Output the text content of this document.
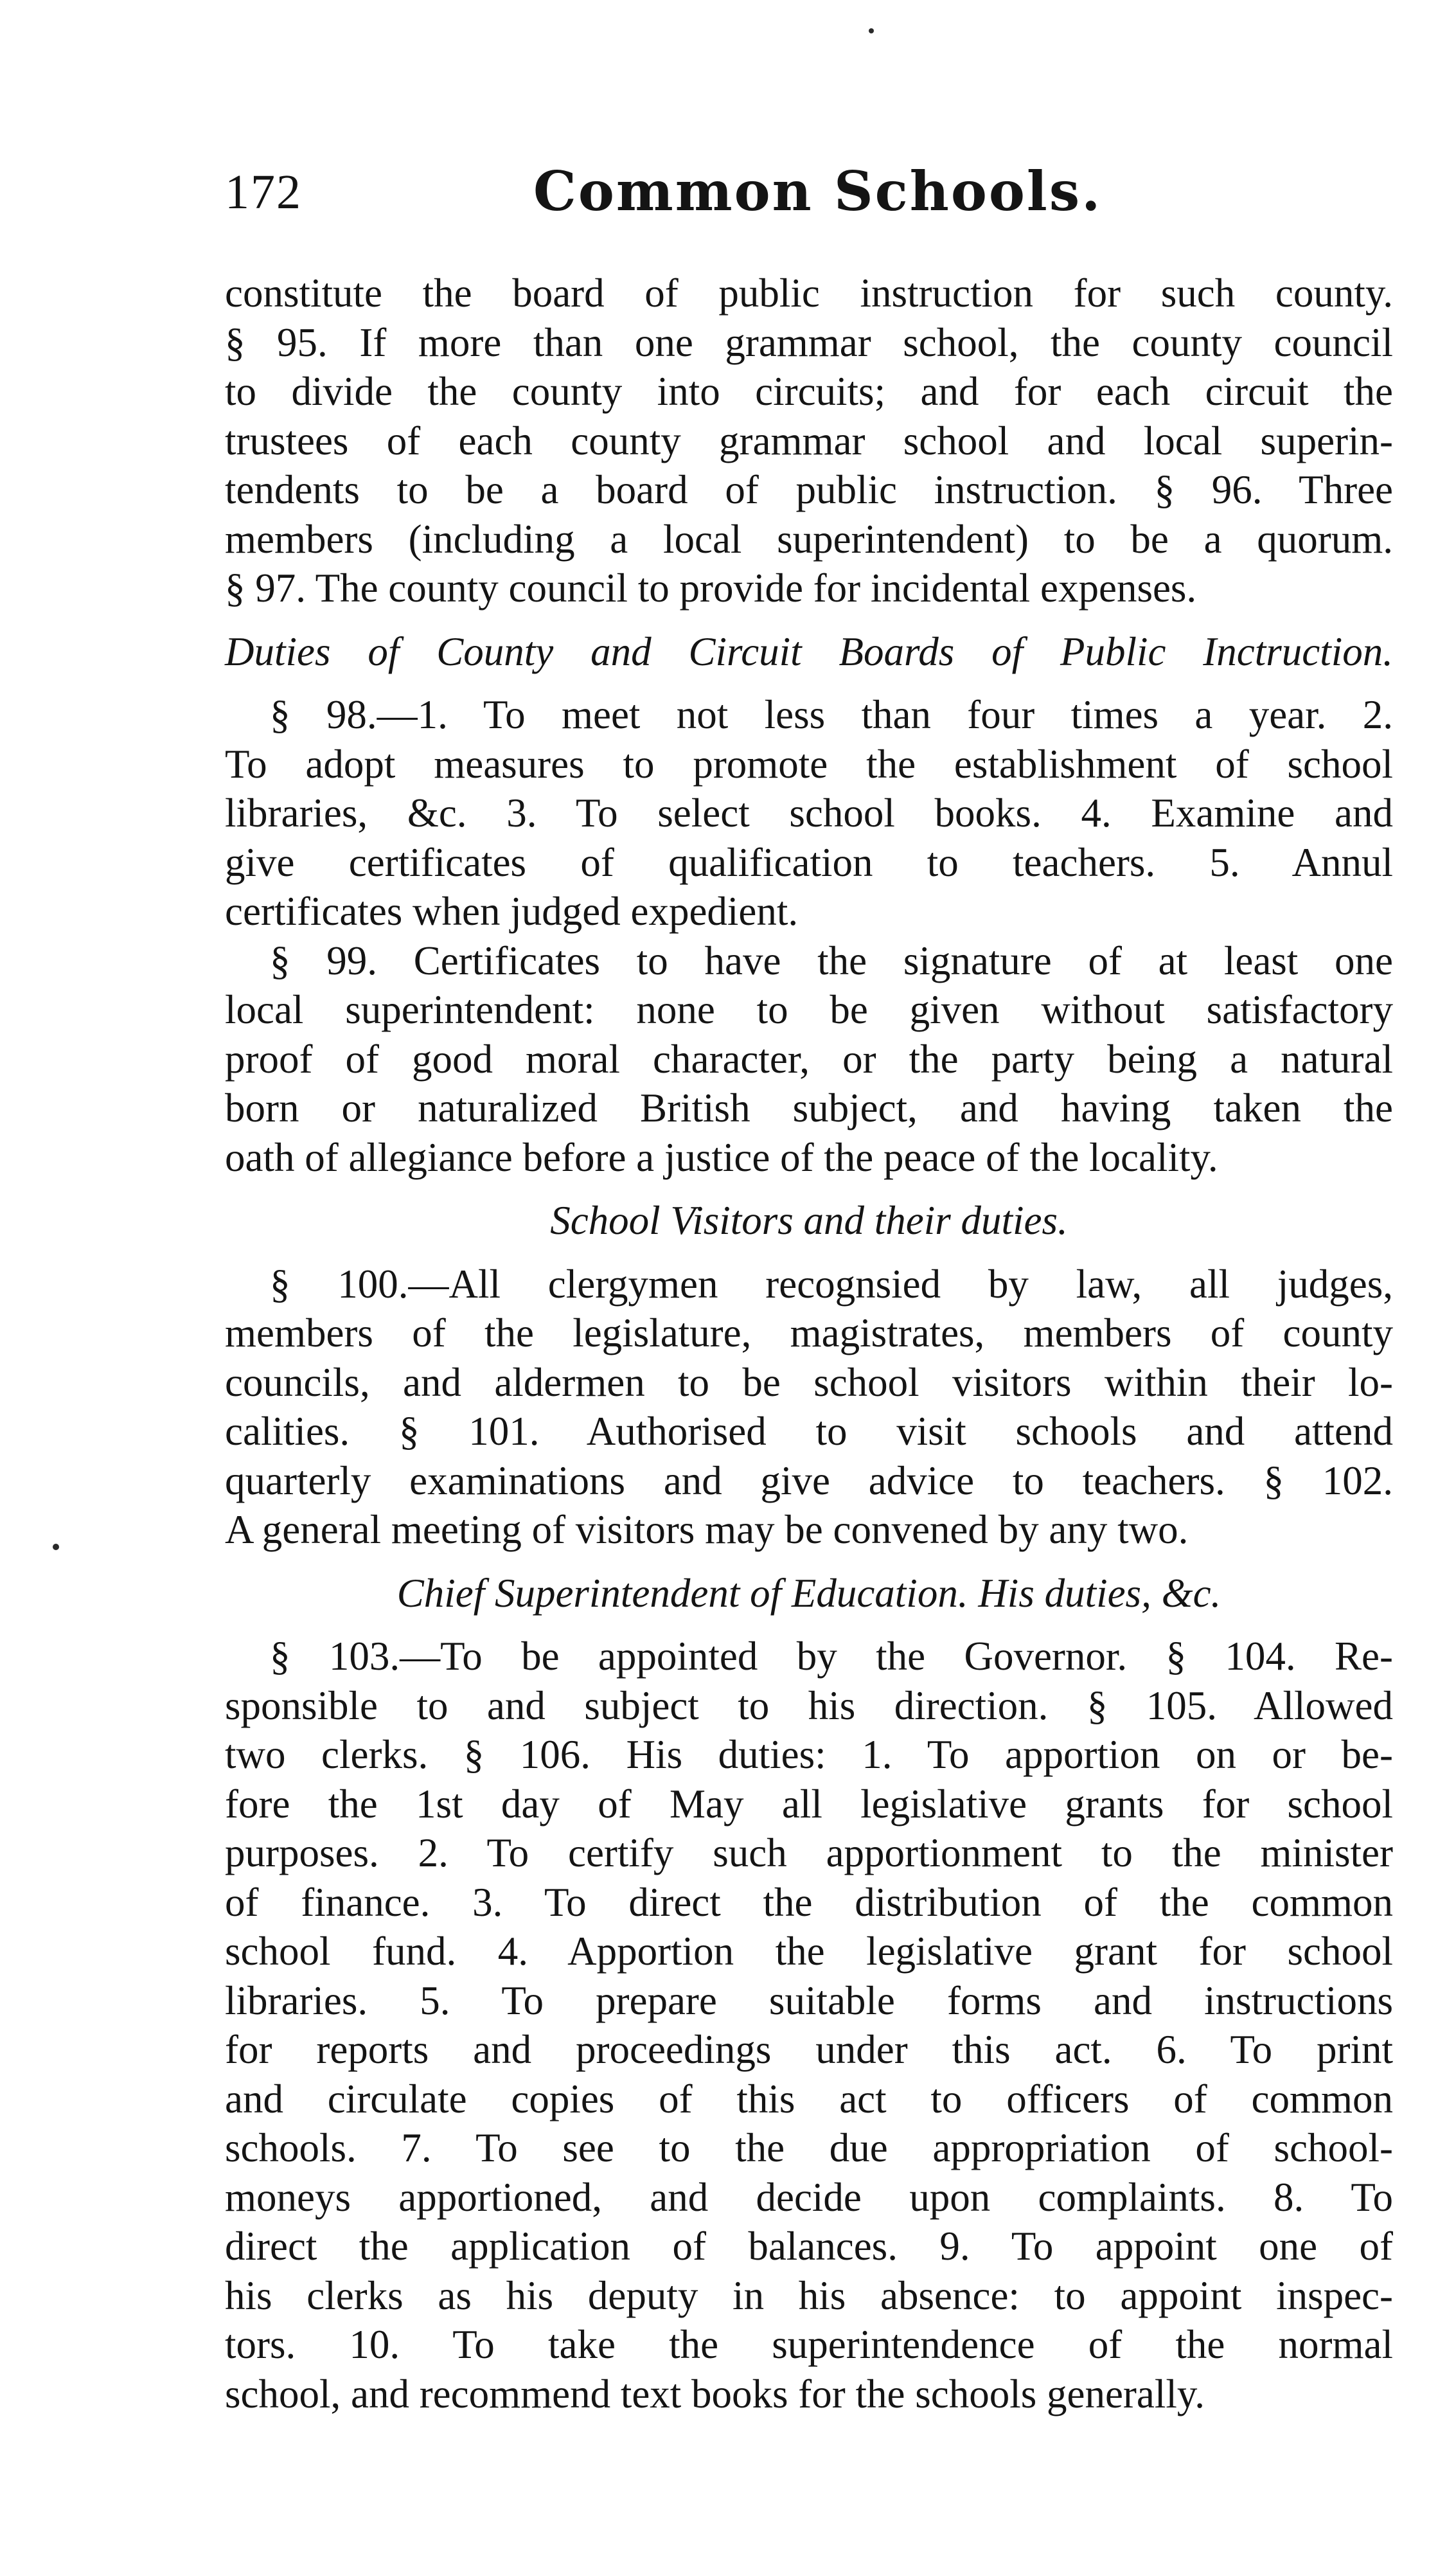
172	Common Schools.
constitute the board of public instruction for such county.
§ 95. If more than one grammar school, the county council
to divide the county into circuits; and for each circuit the
trustees of each county grammar school and local superin-
tendents to be a board of public instruction. § 96. Three
members (including a local superintendent) to be a quorum.
§ 97. The county council to provide for incidental expenses.
Duties of County and Circuit Boards of Public Inctruction.
§ 98.—1. To meet not less than four times a year. 2.
To adopt measures to promote the establishment of school
libraries, &c. 3. To select school books. 4. Examine and
give certificates of qualification to teachers. 5. Annul
certificates when judged expedient.
§ 99. Certificates to have the signature of at least one
local superintendent: none to be given without satisfactory
proof of good moral character, or the party being a natural
born or naturalized British subject, and having taken the
oath of allegiance before a justice of the peace of the locality.
School Visitors and their duties.
§ 100.—All clergymen recognsied by law, all judges,
members of the legislature, magistrates, members of county
councils, and aldermen to be school visitors within their lo-
calities. § 101. Authorised to visit schools and attend
quarterly examinations and give advice to teachers. § 102.
A general meeting of visitors may be convened by any two.
Chief Superintendent of Education. His duties, &c.
§ 103.—To be appointed by the Governor. § 104. Re-
sponsible to and subject to his direction. § 105. Allowed
two clerks. § 106. His duties: 1. To apportion on or be-
fore the 1st day of May all legislative grants for school
purposes. 2. To certify such apportionment to the minister
of finance. 3. To direct the distribution of the common
school fund. 4. Apportion the legislative grant for school
libraries. 5. To prepare suitable forms and instructions
for reports and proceedings under this act. 6. To print
and circulate copies of this act to officers of common
schools. 7. To see to the due appropriation of school-
moneys apportioned, and decide upon complaints. 8. To
direct the application of balances. 9. To appoint one of
his clerks as his deputy in his absence: to appoint inspec-
tors. 10. To take the superintendence of the normal
school, and recommend text books for the schools generally.
